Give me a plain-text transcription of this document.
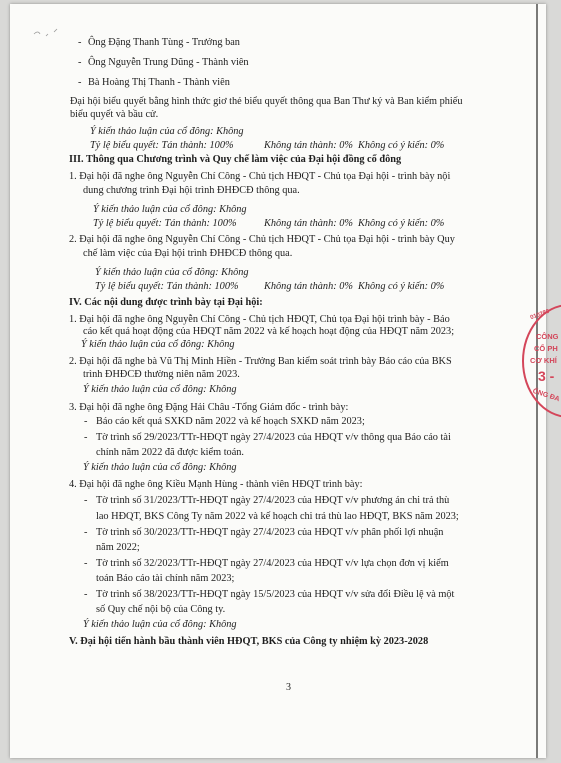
- Ông Đặng Thanh Tùng - Trưởng ban
- Ông Nguyễn Trung Dũng - Thành viên
- Bà Hoàng Thị Thanh - Thành viên
Đại hội biểu quyết bằng hình thức giơ thẻ biểu quyết thông qua Ban Thư ký và Ban kiểm phiếu
biểu quyết và bầu cử.
Ý kiến thảo luận của cổ đông: Không
Tỷ lệ biểu quyết: Tán thành: 100%	Không tán thành: 0% Không có ý kiến: 0%
III. Thông qua Chương trình và Quy chế làm việc của Đại hội đồng cổ đông
1. Đại hội đã nghe ông Nguyễn Chí Công - Chủ tịch HĐQT - Chủ tọa Đại hội - trình bày nội
dung chương trình Đại hội trình ĐHĐCĐ thông qua.
Ý kiến thảo luận của cổ đông: Không
Tỷ lệ biểu quyết: Tán thành: 100%	Không tán thành: 0% Không có ý kiến: 0%
2. Đại hội đã nghe ông Nguyễn Chí Công - Chủ tịch HĐQT - Chủ tọa Đại hội - trình bày Quy
chế làm việc của Đại hội trình ĐHĐCĐ thông qua.
Ý kiến thảo luận của cổ đông: Không
Tỷ lệ biểu quyết: Tán thành: 100% Không tán thành: 0% Không có ý kiến: 0%
IV. Các nội dung được trình bày tại Đại hội:
1. Đại hội đã nghe ông Nguyễn Chí Công - Chủ tịch HĐQT, Chủ tọa Đại hội trình bày - Báo
cáo kết quả hoạt động của HĐQT năm 2022 và kế hoạch hoạt động của HĐQT năm 2023;
Ý kiến thảo luận của cổ đông: Không
2. Đại hội đã nghe bà Vũ Thị Minh Hiền - Trưởng Ban kiểm soát trình bày Báo cáo của BKS
trình ĐHĐCĐ thường niên năm 2023.
Ý kiến thảo luận của cổ đông: Không
3. Đại hội đã nghe ông Đặng Hải Châu -Tổng Giám đốc - trình bày:
- Báo cáo kết quả SXKD năm 2022 và kế hoạch SXKD năm 2023;
- Tờ trình số 29/2023/TTr-HĐQT ngày 27/4/2023 của HĐQT v/v thông qua Báo cáo tài
chính năm 2022 đã được kiểm toán.
Ý kiến thảo luận của cổ đông: Không
4. Đại hội đã nghe ông Kiều Mạnh Hùng - thành viên HĐQT trình bày:
- Tờ trình số 31/2023/TTr-HĐQT ngày 27/4/2023 của HĐQT v/v phương án chi trả thù
lao HĐQT, BKS Công Ty năm 2022 và kế hoạch chi trả thù lao HĐQT, BKS năm 2023;
- Tờ trình số 30/2023/TTr-HĐQT ngày 27/4/2023 của HĐQT v/v phân phối lợi nhuận
năm 2022;
- Tờ trình số 32/2023/TTr-HĐQT ngày 27/4/2023 của HĐQT v/v lựa chọn đơn vị kiểm
toán Báo cáo tài chính năm 2023;
- Tờ trình số 38/2023/TTr-HĐQT ngày 15/5/2023 của HĐQT v/v sửa đổi Điều lệ và một
số Quy chế nội bộ của Công ty.
Ý kiến thảo luận của cổ đông: Không
V. Đại hội tiến hành bầu thành viên HĐQT, BKS của Công ty nhiệm kỳ 2023-2028
3
010280
CÔNG
CỔ PH
CƠ KHÍ
3 -
ỐNG ĐA
